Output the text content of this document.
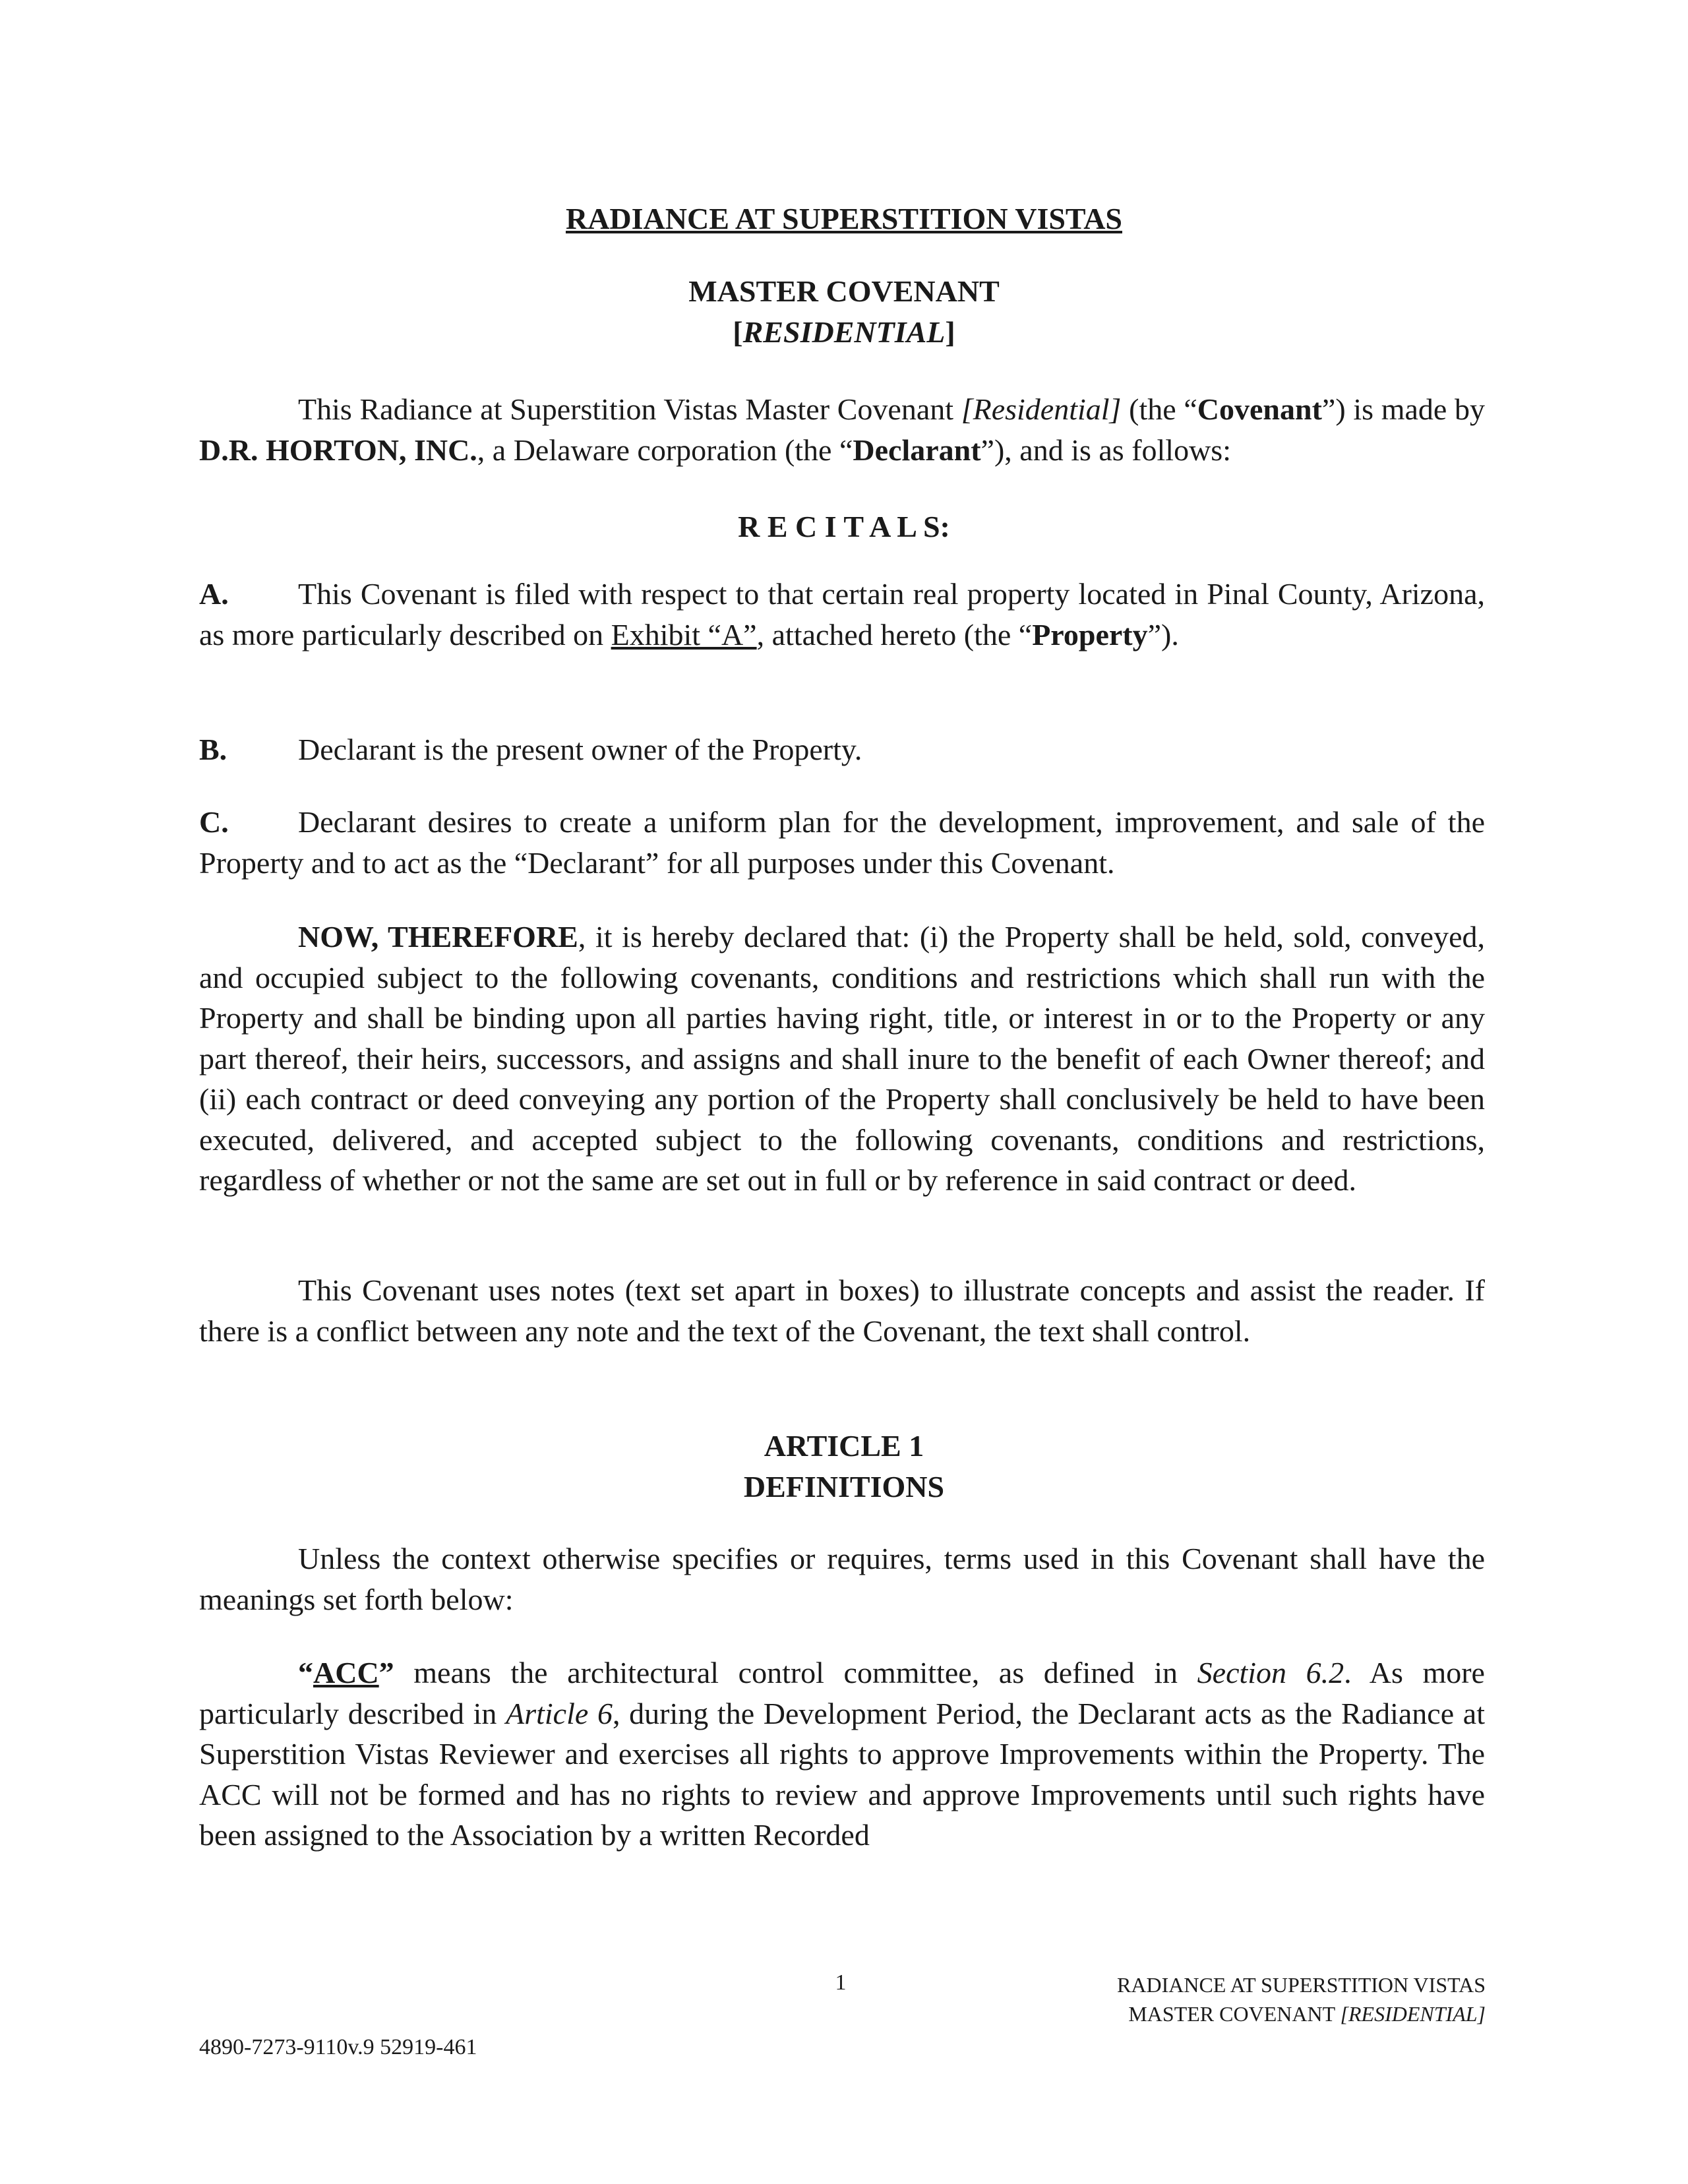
RADIANCE AT SUPERSTITION VISTAS
MASTER COVENANT
[RESIDENTIAL]
This Radiance at Superstition Vistas Master Covenant [Residential] (the “Covenant”) is made by D.R. HORTON, INC., a Delaware corporation (the “Declarant”), and is as follows:
R E C I T A L S:
A. This Covenant is filed with respect to that certain real property located in Pinal County, Arizona, as more particularly described on Exhibit “A”, attached hereto (the “Property”).
B. Declarant is the present owner of the Property.
C. Declarant desires to create a uniform plan for the development, improvement, and sale of the Property and to act as the “Declarant” for all purposes under this Covenant.
NOW, THEREFORE, it is hereby declared that: (i) the Property shall be held, sold, conveyed, and occupied subject to the following covenants, conditions and restrictions which shall run with the Property and shall be binding upon all parties having right, title, or interest in or to the Property or any part thereof, their heirs, successors, and assigns and shall inure to the benefit of each Owner thereof; and (ii) each contract or deed conveying any portion of the Property shall conclusively be held to have been executed, delivered, and accepted subject to the following covenants, conditions and restrictions, regardless of whether or not the same are set out in full or by reference in said contract or deed.
This Covenant uses notes (text set apart in boxes) to illustrate concepts and assist the reader. If there is a conflict between any note and the text of the Covenant, the text shall control.
ARTICLE 1
DEFINITIONS
Unless the context otherwise specifies or requires, terms used in this Covenant shall have the meanings set forth below:
“ACC” means the architectural control committee, as defined in Section 6.2. As more particularly described in Article 6, during the Development Period, the Declarant acts as the Radiance at Superstition Vistas Reviewer and exercises all rights to approve Improvements within the Property. The ACC will not be formed and has no rights to review and approve Improvements until such rights have been assigned to the Association by a written Recorded
1	RADIANCE AT SUPERSTITION VISTAS
MASTER COVENANT [RESIDENTIAL]
4890-7273-9110v.9 52919-461
